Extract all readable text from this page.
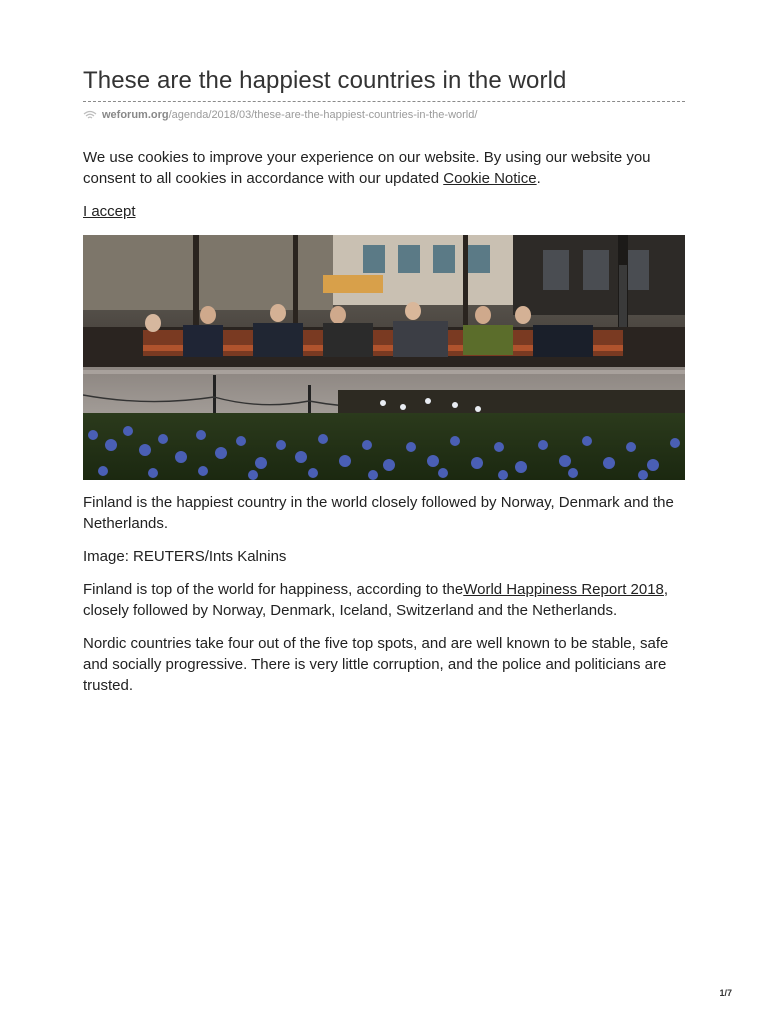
These are the happiest countries in the world
weforum.org /agenda/2018/03/these-are-the-happiest-countries-in-the-world/

We use cookies to improve your experience on our website. By using our website you consent to all cookies in accordance with our updated Cookie Notice.

I accept

Finland is the happiest country in the world closely followed by Norway, Denmark and the Netherlands.

Image: REUTERS/Ints Kalnins

Finland is top of the world for happiness, according to theWorld Happiness Report 2018, closely followed by Norway, Denmark, Iceland, Switzerland and the Netherlands.

Nordic countries take four out of the five top spots, and are well known to be stable, safe and socially progressive. There is very little corruption, and the police and politicians are trusted.

1/7
